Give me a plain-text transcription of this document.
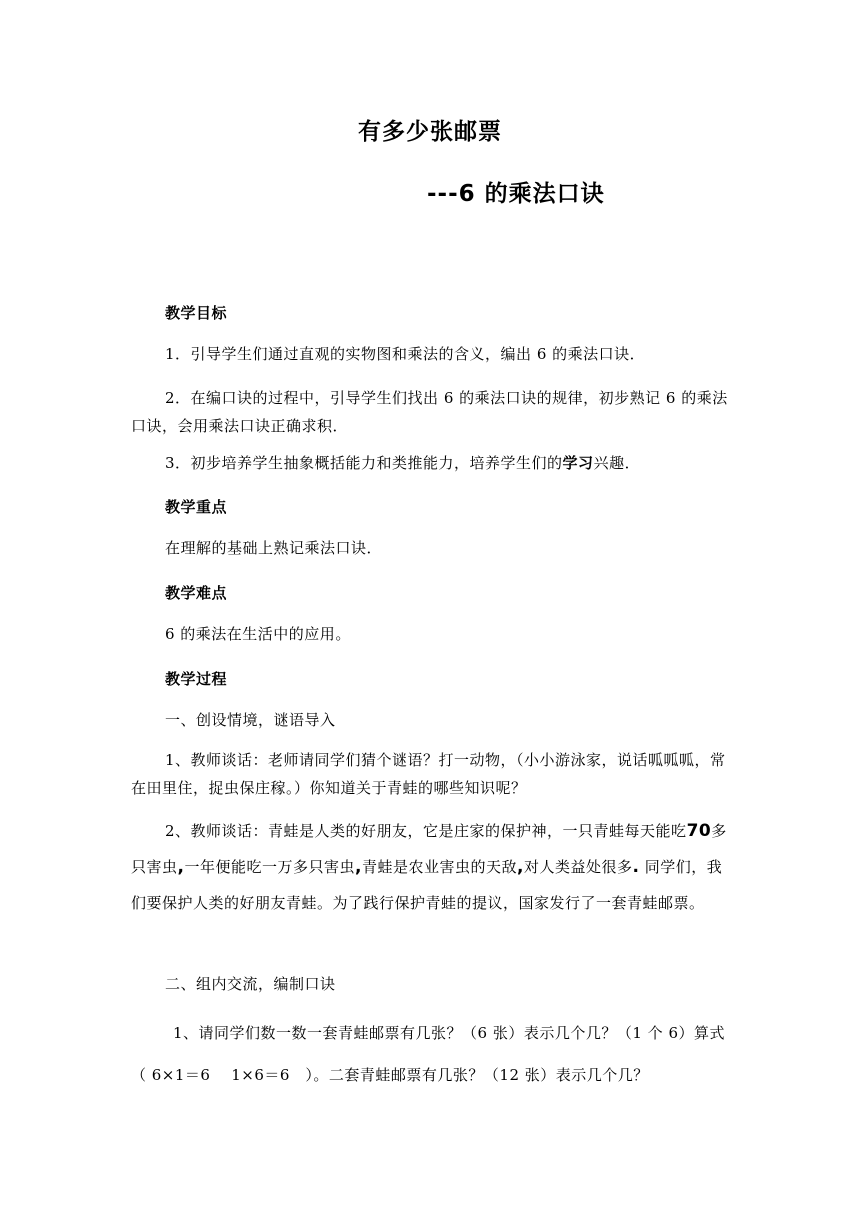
有多少张邮票
---6 的乘法口诀
教学目标
1．引导学生们通过直观的实物图和乘法的含义，编出 6 的乘法口诀．
2．在编口诀的过程中，引导学生们找出 6 的乘法口诀的规律，初步熟记 6 的乘法口诀，会用乘法口诀正确求积．
3．初步培养学生抽象概括能力和类推能力，培养学生们的学习兴趣．
教学重点
在理解的基础上熟记乘法口诀．
教学难点
6 的乘法在生活中的应用。
教学过程
一、创设情境，谜语导入
1、教师谈话：老师请同学们猜个谜语？打一动物，（小小游泳家，说话呱呱呱，常在田里住，捉虫保庄稼。）你知道关于青蛙的哪些知识呢？
2、教师谈话：青蛙是人类的好朋友，它是庄家的保护神，一只青蛙每天能吃70多只害虫,一年便能吃一万多只害虫,青蛙是农业害虫的天敌,对人类益处很多. 同学们，我们要保护人类的好朋友青蛙。为了践行保护青蛙的提议，国家发行了一套青蛙邮票。
二、组内交流，编制口诀
1、请同学们数一数一套青蛙邮票有几张？（6 张）表示几个几？（1 个 6）算式（ 6×1＝6　 1×6＝6　）。二套青蛙邮票有几张？（12 张）表示几个几？
